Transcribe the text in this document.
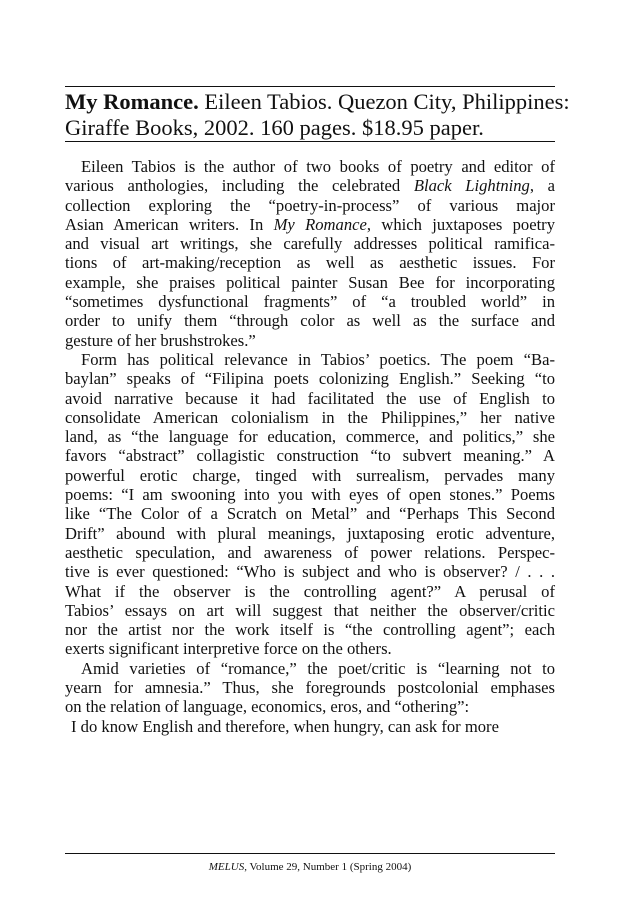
My Romance. Eileen Tabios. Quezon City, Philippines:
Giraffe Books, 2002. 160 pages. $18.95 paper.
Eileen Tabios is the author of two books of poetry and editor of
various anthologies, including the celebrated Black Lightning, a
collection exploring the “poetry-in-process” of various major
Asian American writers. In My Romance, which juxtaposes poetry
and visual art writings, she carefully addresses political ramifica-
tions of art-making/reception as well as aesthetic issues. For
example, she praises political painter Susan Bee for incorporating
“sometimes dysfunctional fragments” of “a troubled world” in
order to unify them “through color as well as the surface and
gesture of her brushstrokes.”
Form has political relevance in Tabios’ poetics. The poem “Ba-
baylan” speaks of “Filipina poets colonizing English.” Seeking “to
avoid narrative because it had facilitated the use of English to
consolidate American colonialism in the Philippines,” her native
land, as “the language for education, commerce, and politics,” she
favors “abstract” collagistic construction “to subvert meaning.” A
powerful erotic charge, tinged with surrealism, pervades many
poems: “I am swooning into you with eyes of open stones.” Poems
like “The Color of a Scratch on Metal” and “Perhaps This Second
Drift” abound with plural meanings, juxtaposing erotic adventure,
aesthetic speculation, and awareness of power relations. Perspec-
tive is ever questioned: “Who is subject and who is observer? / . . .
What if the observer is the controlling agent?” A perusal of
Tabios’ essays on art will suggest that neither the observer/critic
nor the artist nor the work itself is “the controlling agent”; each
exerts significant interpretive force on the others.
Amid varieties of “romance,” the poet/critic is “learning not to
yearn for amnesia.” Thus, she foregrounds postcolonial emphases
on the relation of language, economics, eros, and “othering”:
I do know English and therefore, when hungry, can ask for more
MELUS, Volume 29, Number 1 (Spring 2004)
